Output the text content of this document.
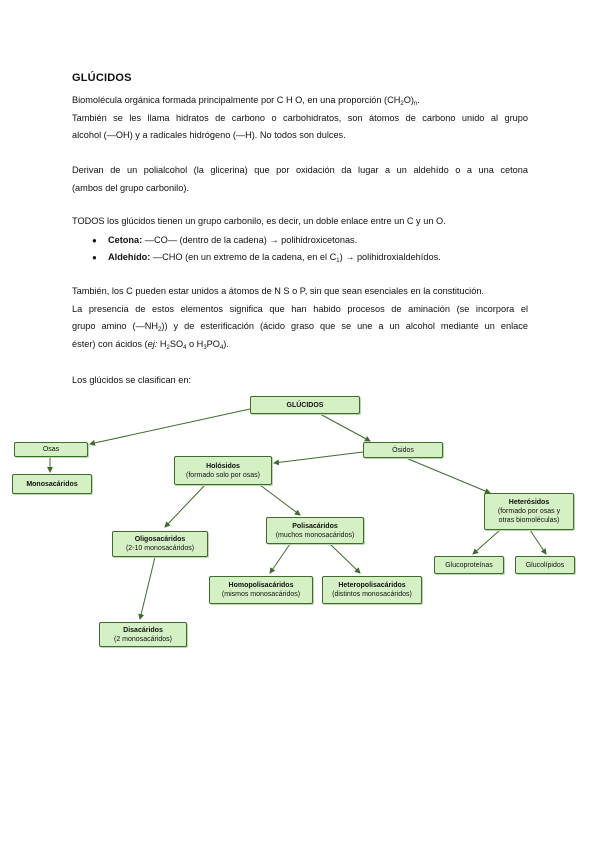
GLÚCIDOS
Biomolécula orgánica formada principalmente por C H O, en una proporción $(CH_2O)_n$.
También se les llama hidratos de carbono o carbohidratos, son átomos de carbono unido al grupo
alcohol (—OH) y a radicales hidrógeno (—H). No todos son dulces.
Derivan de un polialcohol (la glicerina) que por oxidación da lugar a un aldehído o a una cetona
(ambos del grupo carbonilo).
TODOS los glúcidos tienen un grupo carbonilo, es decir, un doble enlace entre un C y un O.
● Cetona: —CO— (dentro de la cadena) → polihidroxicetonas.
● Aldehído: —CHO (en un extremo de la cadena, en el $C_1$) → polihidroxialdehídos.
También, los C pueden estar unidos a átomos de N S o P, sin que sean esenciales en la constitución.
La presencia de estos elementos significa que han habido procesos de aminación (se incorpora el
grupo amino $(—NH_2)$) y de esterificación (ácido graso que se une a un alcohol mediante un enlace
éster) con ácidos (ej: $H_2SO_4$ o $H_3PO_4$).
Los glúcidos se clasifican en:
GLÚCIDOS
Osas
Monosacáridos
Ósidos
Holósidos
(formado solo por osas)
Heterósidos
(formado por osas y
otras biomoléculas)
Oligosacáridos
(2-10 monosacáridos)
Polisacáridos
(muchos monosacáridos)
Glucoproteínas	Glucolípidos
Homopolisacáridos
(mismos monosacáridos)
Heteropolisacáridos
(distintos monosacáridos)
Disacáridos
(2 monosacáridos)
